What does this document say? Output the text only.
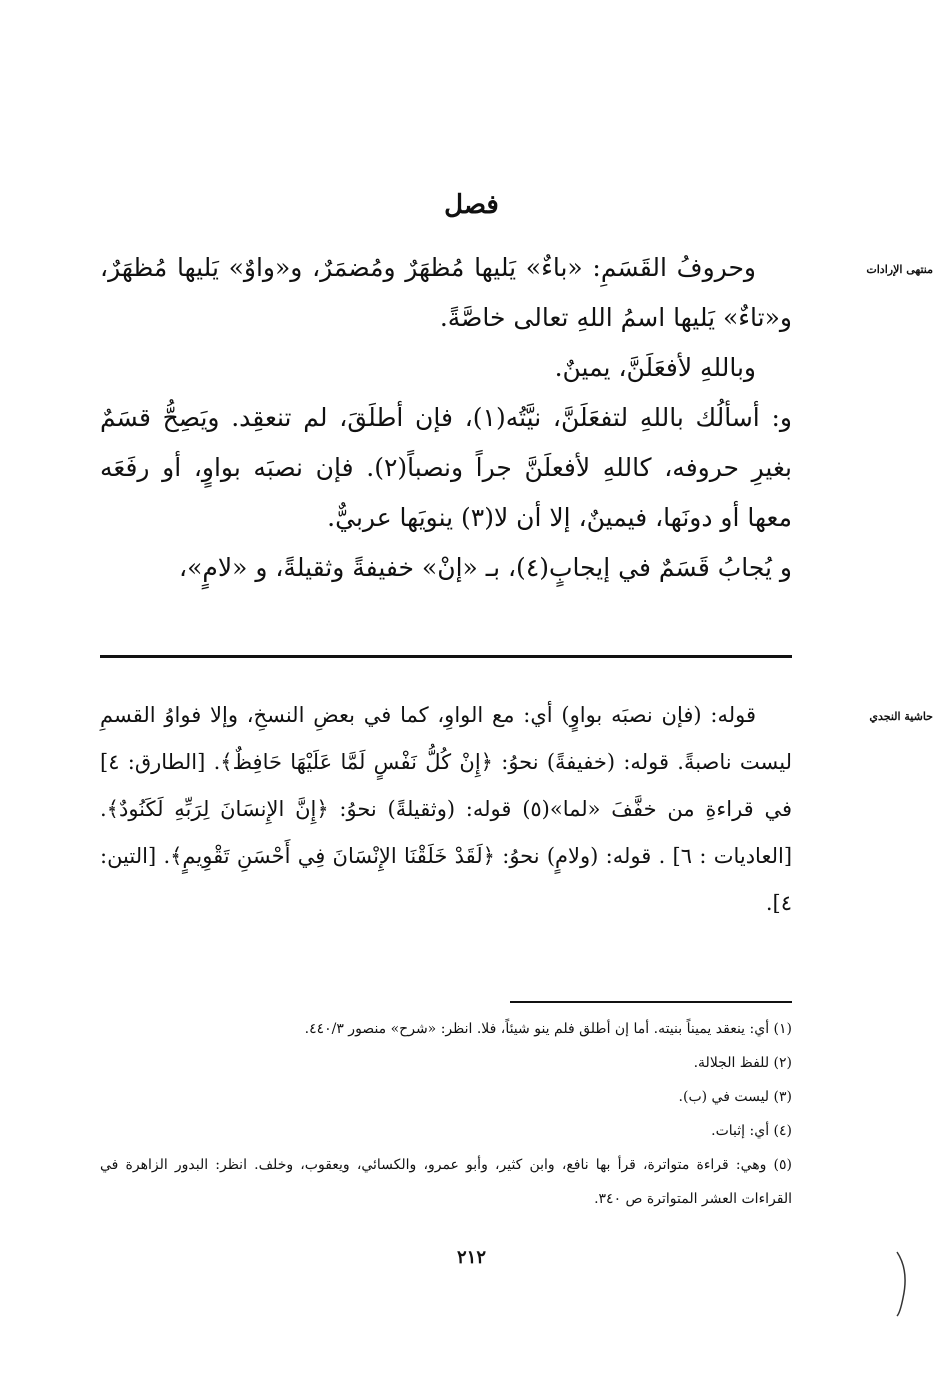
فصل
منتهى الإرادات

وحروفُ القَسَمِ: «باءٌ» يَليها مُظهَرٌ ومُضمَرٌ، و«واوٌ» يَليها مُظهَرٌ، و«تاءٌ» يَليها اسمُ اللهِ تعالى خاصَّةً.

وباللهِ لأفعَلَنَّ، يمينٌ.

و: أسألُك باللهِ لتفعَلَنَّ، نيَّتُه(١)، فإن أطلَقَ، لم تنعقِد. ويَصِحُّ قسَمٌ بغيرِ حروفه، كاللهِ لأفعلَنَّ جراً ونصباً(٢). فإن نصبَه بواوٍ، أو رفَعَه معها أو دونَها، فيمينٌ، إلا أن لا(٣) ينويَها عربيٌّ.

و يُجابُ قَسَمٌ في إيجابٍ(٤)، بـ «إنْ» خفيفةً وثقيلةً، و «لامٍ»،

حاشية النجدي

قوله: (فإن نصبَه بواوٍ) أي: مع الواوِ، كما في بعضِ النسخِ، وإلا فواوُ القسمِ ليست ناصبةً. قوله: (خفيفةً) نحوُ: ﴿إِنْ كُلُّ نَفْسٍ لَمَّا عَلَيْهَا حَافِظٌ﴾. [الطارق: ٤] في قراءةِ من خفَّفَ «لما»(٥) قوله: (وثقيلةً) نحوُ: ﴿إِنَّ الإِنسَانَ لِرَبِّهِ لَكَنُودٌ﴾. [العاديات : ٦] . قوله: (ولامٍ) نحوُ: ﴿لَقَدْ خَلَقْنَا الإِنْسَانَ فِي أَحْسَنِ تَقْوِيمٍ﴾. [التين: ٤].

(١) أي: ينعقد يميناً بنيته. أما إن أطلق فلم ينو شيئاً، فلا. انظر: «شرح» منصور ٤٤٠/٣.

(٢) للفظ الجلالة.

(٣) ليست في (ب).

(٤) أي: إثبات.

(٥) وهي: قراءة متواترة، قرأ بها نافع، وابن كثير، وأبو عمرو، والكسائي، ويعقوب، وخلف. انظر: البدور الزاهرة في القراءات العشر المتواترة ص ٣٤٠.

٢١٢
